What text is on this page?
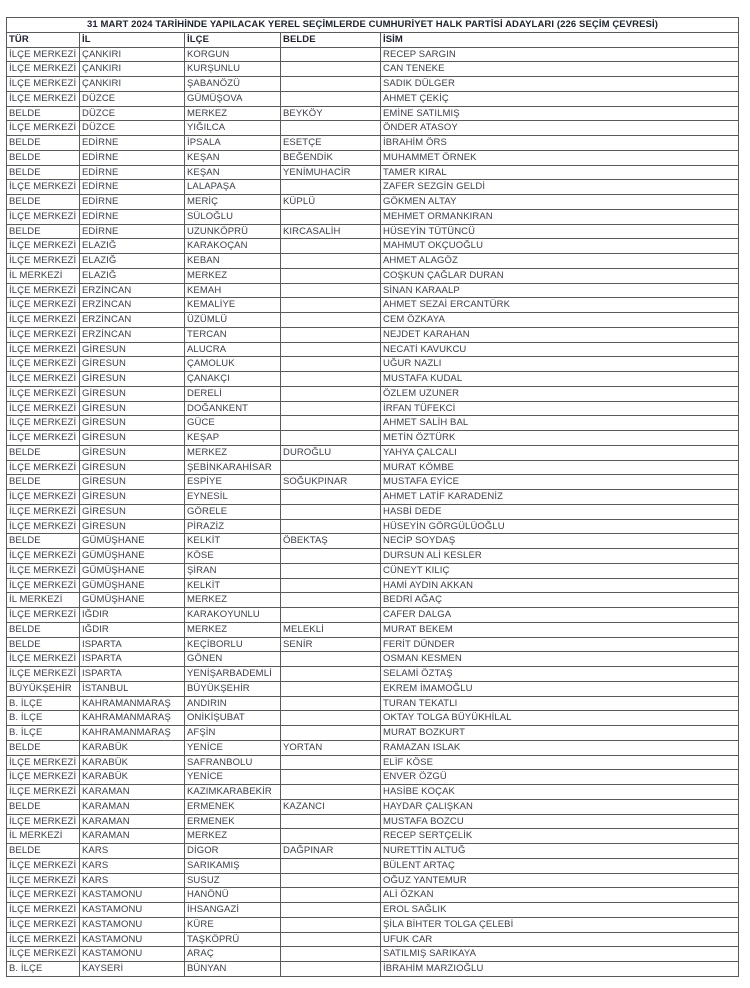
31 MART 2024 TARİHİNDE YAPILACAK YEREL SEÇİMLERDE CUMHURİYET HALK PARTİSİ ADAYLARI (226 SEÇİM ÇEVRESİ)				
TÜR	İL	İLÇE	BELDE	İSİM
İLÇE MERKEZİ	ÇANKIRI	KORGUN		RECEP SARGIN
İLÇE MERKEZİ	ÇANKIRI	KURŞUNLU		CAN TENEKE
İLÇE MERKEZİ	ÇANKIRI	ŞABANÖZÜ		SADIK DÜLGER
İLÇE MERKEZİ	DÜZCE	GÜMÜŞOVA		AHMET ÇEKİÇ
BELDE	DÜZCE	MERKEZ	BEYKÖY	EMİNE SATILMIŞ
İLÇE MERKEZİ	DÜZCE	YIĞILCA		ÖNDER ATASOY
BELDE	EDİRNE	İPSALA	ESETÇE	İBRAHİM ÖRS
BELDE	EDİRNE	KEŞAN	BEĞENDİK	MUHAMMET ÖRNEK
BELDE	EDİRNE	KEŞAN	YENİMUHACİR	TAMER KIRAL
İLÇE MERKEZİ	EDİRNE	LALAPAŞA		ZAFER SEZGİN GELDİ
BELDE	EDİRNE	MERİÇ	KÜPLÜ	GÖKMEN ALTAY
İLÇE MERKEZİ	EDİRNE	SÜLOĞLU		MEHMET ORMANKIRAN
BELDE	EDİRNE	UZUNKÖPRÜ	KIRCASALİH	HÜSEYİN TÜTÜNCÜ
İLÇE MERKEZİ	ELAZIĞ	KARAKOÇAN		MAHMUT OKÇUOĞLU
İLÇE MERKEZİ	ELAZIĞ	KEBAN		AHMET ALAGÖZ
İL MERKEZİ	ELAZIĞ	MERKEZ		COŞKUN ÇAĞLAR DURAN
İLÇE MERKEZİ	ERZİNCAN	KEMAH		SİNAN KARAALP
İLÇE MERKEZİ	ERZİNCAN	KEMALİYE		AHMET SEZAİ ERCANTÜRK
İLÇE MERKEZİ	ERZİNCAN	ÜZÜMLÜ		CEM ÖZKAYA
İLÇE MERKEZİ	ERZİNCAN	TERCAN		NEJDET KARAHAN
İLÇE MERKEZİ	GİRESUN	ALUCRA		NECATİ KAVUKCU
İLÇE MERKEZİ	GİRESUN	ÇAMOLUK		UĞUR NAZLI
İLÇE MERKEZİ	GİRESUN	ÇANAKÇI		MUSTAFA KUDAL
İLÇE MERKEZİ	GİRESUN	DERELİ		ÖZLEM UZUNER
İLÇE MERKEZİ	GİRESUN	DOĞANKENT		İRFAN TÜFEKCİ
İLÇE MERKEZİ	GİRESUN	GÜCE		AHMET SALİH BAL
İLÇE MERKEZİ	GİRESUN	KEŞAP		METİN ÖZTÜRK
BELDE	GİRESUN	MERKEZ	DUROĞLU	YAHYA ÇALCALI
İLÇE MERKEZİ	GİRESUN	ŞEBİNKARAHİSAR		MURAT KÖMBE
BELDE	GİRESUN	ESPİYE	SOĞUKPINAR	MUSTAFA EYİCE
İLÇE MERKEZİ	GİRESUN	EYNESİL		AHMET LATİF KARADENİZ
İLÇE MERKEZİ	GİRESUN	GÖRELE		HASBİ DEDE
İLÇE MERKEZİ	GİRESUN	PİRAZİZ		HÜSEYİN GÖRGÜLÜOĞLU
BELDE	GÜMÜŞHANE	KELKİT	ÖBEKTAŞ	NECİP SOYDAŞ
İLÇE MERKEZİ	GÜMÜŞHANE	KÖSE		DURSUN ALİ KESLER
İLÇE MERKEZİ	GÜMÜŞHANE	ŞİRAN		CÜNEYT KILIÇ
İLÇE MERKEZİ	GÜMÜŞHANE	KELKİT		HAMİ AYDIN AKKAN
İL MERKEZİ	GÜMÜŞHANE	MERKEZ		BEDRİ AĞAÇ
İLÇE MERKEZİ	IĞDIR	KARAKOYUNLU		CAFER DALGA
BELDE	IĞDIR	MERKEZ	MELEKLİ	MURAT BEKEM
BELDE	ISPARTA	KEÇİBORLU	SENİR	FERİT DÜNDER
İLÇE MERKEZİ	ISPARTA	GÖNEN		OSMAN KESMEN
İLÇE MERKEZİ	ISPARTA	YENİŞARBADEMLİ		SELAMİ ÖZTAŞ
BÜYÜKŞEHİR	İSTANBUL	BÜYÜKŞEHİR		EKREM İMAMOĞLU
B. İLÇE	KAHRAMANMARAŞ	ANDIRIN		TURAN TEKATLI
B. İLÇE	KAHRAMANMARAŞ	ONİKİŞUBAT		OKTAY TOLGA BÜYÜKHİLAL
B. İLÇE	KAHRAMANMARAŞ	AFŞİN		MURAT BOZKURT
BELDE	KARABÜK	YENİCE	YORTAN	RAMAZAN ISLAK
İLÇE MERKEZİ	KARABÜK	SAFRANBOLU		ELİF KÖSE
İLÇE MERKEZİ	KARABÜK	YENİCE		ENVER ÖZGÜ
İLÇE MERKEZİ	KARAMAN	KAZIMKARABEKİR		HASİBE KOÇAK
BELDE	KARAMAN	ERMENEK	KAZANCI	HAYDAR ÇALIŞKAN
İLÇE MERKEZİ	KARAMAN	ERMENEK		MUSTAFA BOZCU
İL MERKEZİ	KARAMAN	MERKEZ		RECEP SERTÇELİK
BELDE	KARS	DİGOR	DAĞPINAR	NURETTİN ALTUĞ
İLÇE MERKEZİ	KARS	SARIKAMIŞ		BÜLENT ARTAÇ
İLÇE MERKEZİ	KARS	SUSUZ		OĞUZ YANTEMUR
İLÇE MERKEZİ	KASTAMONU	HANÖNÜ		ALİ ÖZKAN
İLÇE MERKEZİ	KASTAMONU	İHSANGAZİ		EROL SAĞLIK
İLÇE MERKEZİ	KASTAMONU	KÜRE		ŞİLA BİHTER TOLGA ÇELEBİ
İLÇE MERKEZİ	KASTAMONU	TAŞKÖPRÜ		UFUK CAR
İLÇE MERKEZİ	KASTAMONU	ARAÇ		SATILMIŞ SARIKAYA
B. İLÇE	KAYSERİ	BÜNYAN		İBRAHİM MARZIOĞLU
